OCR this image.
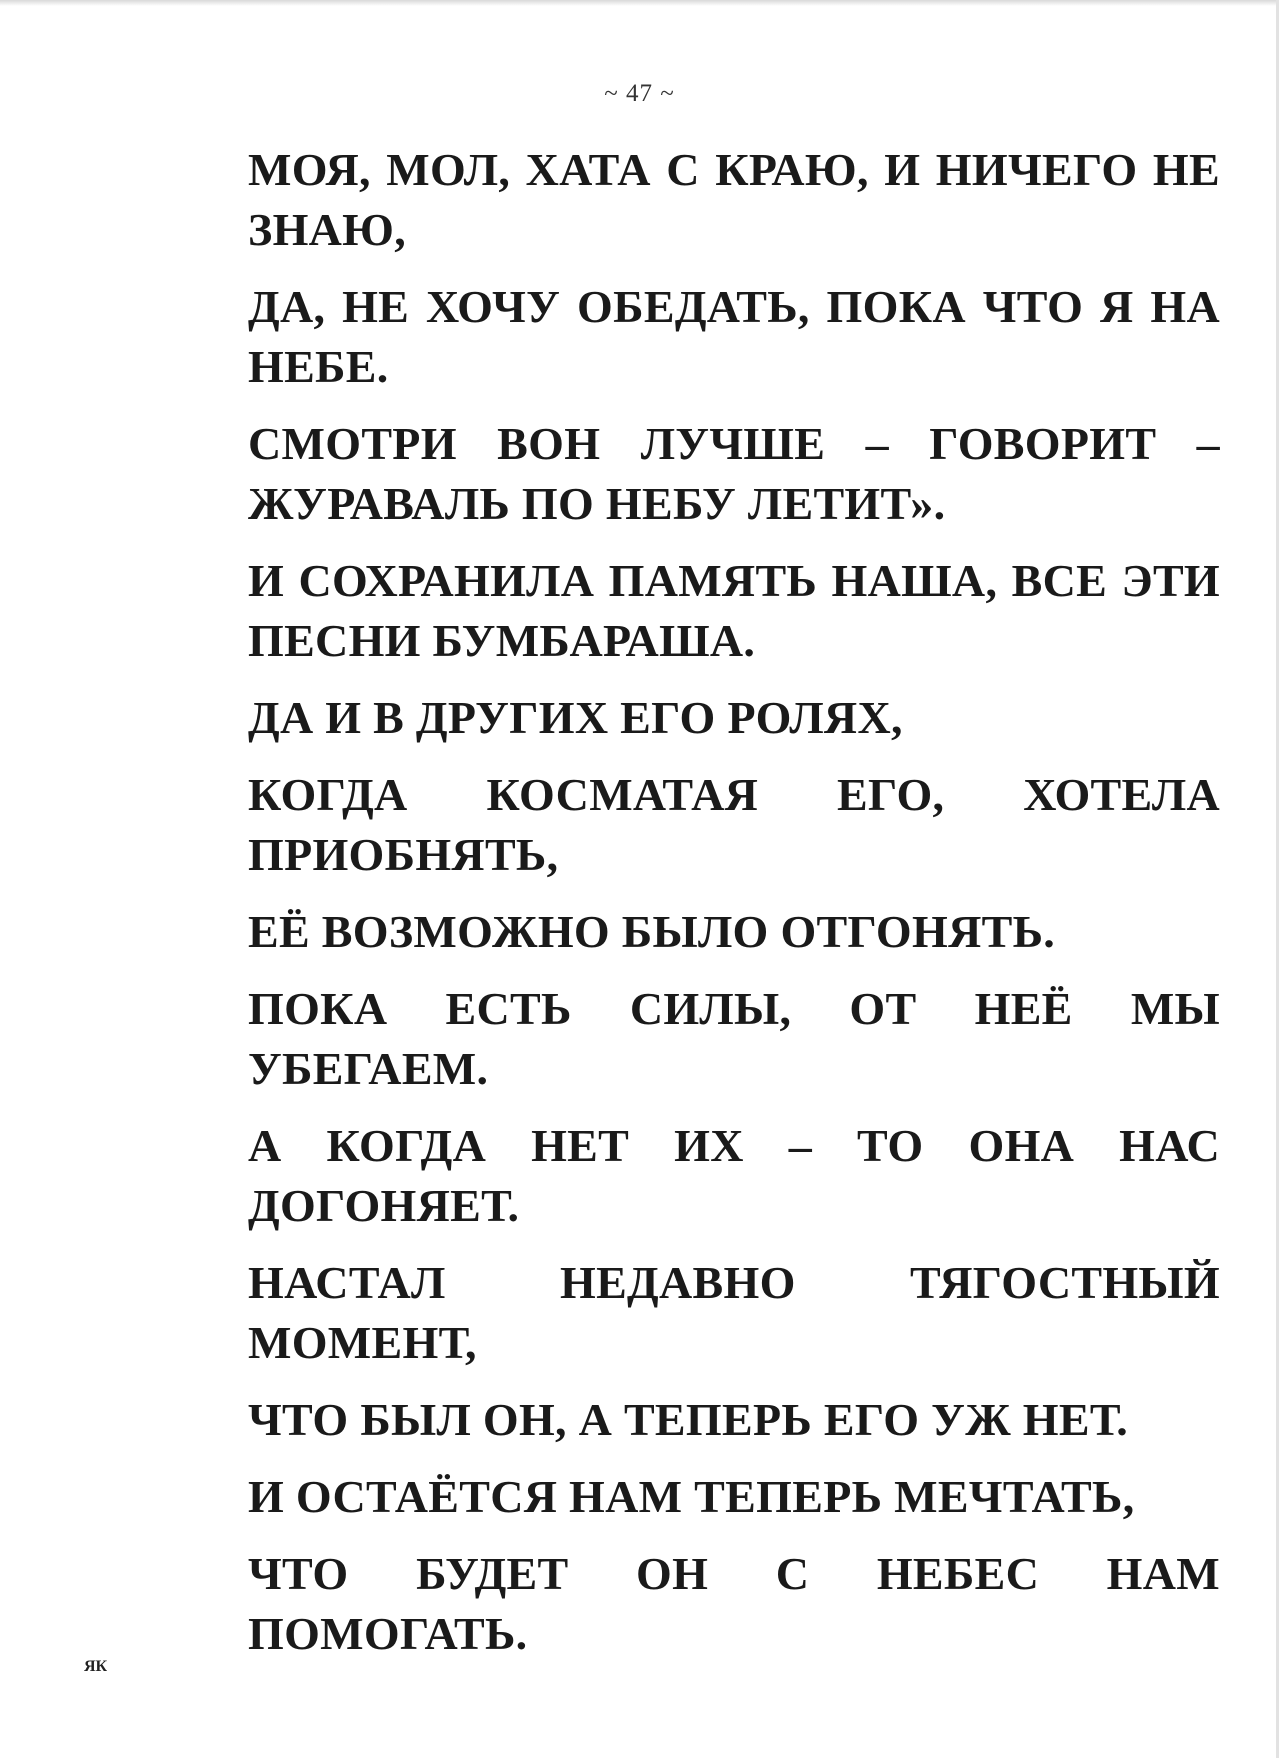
~ 47 ~

МОЯ, МОЛ, ХАТА С КРАЮ, И НИЧЕГО НЕ ЗНАЮ,

ДА, НЕ ХОЧУ ОБЕДАТЬ, ПОКА ЧТО Я НА НЕБЕ.

СМОТРИ ВОН ЛУЧШЕ – ГОВОРИТ – ЖУРАВАЛЬ ПО НЕБУ ЛЕТИТ».

И СОХРАНИЛА ПАМЯТЬ НАША, ВСЕ ЭТИ ПЕСНИ БУМБАРАША.

ДА И В ДРУГИХ ЕГО РОЛЯХ,

КОГДА КОСМАТАЯ ЕГО, ХОТЕЛА ПРИОБНЯТЬ,

ЕЁ ВОЗМОЖНО БЫЛО ОТГОНЯТЬ.

ПОКА ЕСТЬ СИЛЫ, ОТ НЕЁ МЫ УБЕГАЕМ.

А КОГДА НЕТ ИХ – ТО ОНА НАС ДОГОНЯЕТ.

НАСТАЛ НЕДАВНО ТЯГОСТНЫЙ МОМЕНТ,

ЧТО БЫЛ ОН, А ТЕПЕРЬ ЕГО УЖ НЕТ.

И ОСТАЁТСЯ НАМ ТЕПЕРЬ МЕЧТАТЬ,

ЧТО БУДЕТ ОН С НЕБЕС НАМ ПОМОГАТЬ.

ЯК
